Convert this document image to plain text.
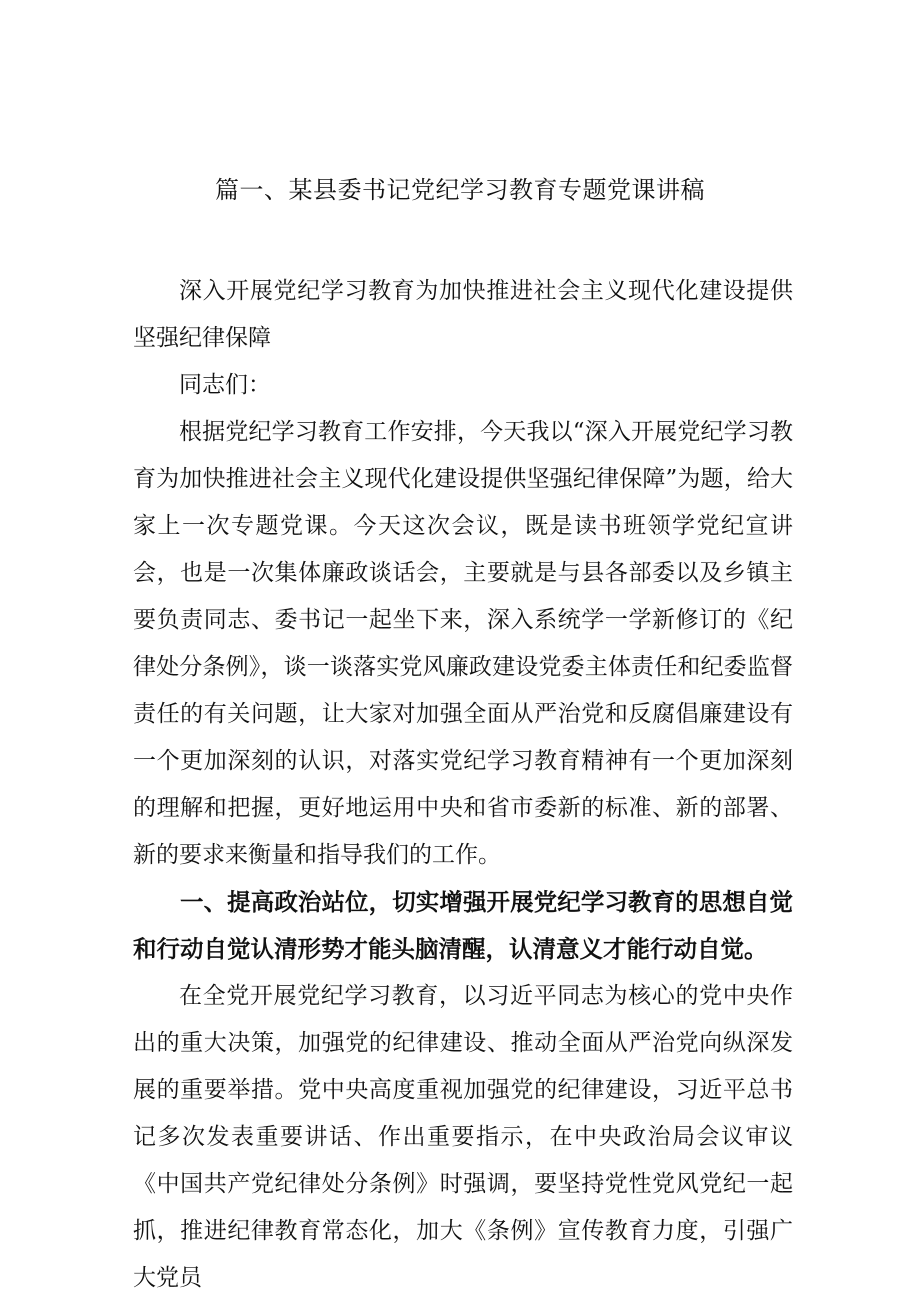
篇一、某县委书记党纪学习教育专题党课讲稿

深入开展党纪学习教育为加快推进社会主义现代化建设提供坚强纪律保障

同志们：

根据党纪学习教育工作安排，今天我以“深入开展党纪学习教育为加快推进社会主义现代化建设提供坚强纪律保障”为题，给大家上一次专题党课。今天这次会议，既是读书班领学党纪宣讲会，也是一次集体廉政谈话会，主要就是与县各部委以及乡镇主要负责同志、委书记一起坐下来，深入系统学一学新修订的《纪律处分条例》，谈一谈落实党风廉政建设党委主体责任和纪委监督责任的有关问题，让大家对加强全面从严治党和反腐倡廉建设有一个更加深刻的认识，对落实党纪学习教育精神有一个更加深刻的理解和把握，更好地运用中央和省市委新的标准、新的部署、新的要求来衡量和指导我们的工作。

一、提高政治站位，切实增强开展党纪学习教育的思想自觉和行动自觉认清形势才能头脑清醒，认清意义才能行动自觉。

在全党开展党纪学习教育，以习近平同志为核心的党中央作出的重大决策，加强党的纪律建设、推动全面从严治党向纵深发展的重要举措。党中央高度重视加强党的纪律建设，习近平总书记多次发表重要讲话、作出重要指示，在中央政治局会议审议《中国共产党纪律处分条例》时强调，要坚持党性党风党纪一起抓，推进纪律教育常态化，加大《条例》宣传教育力度，引强广大党员
